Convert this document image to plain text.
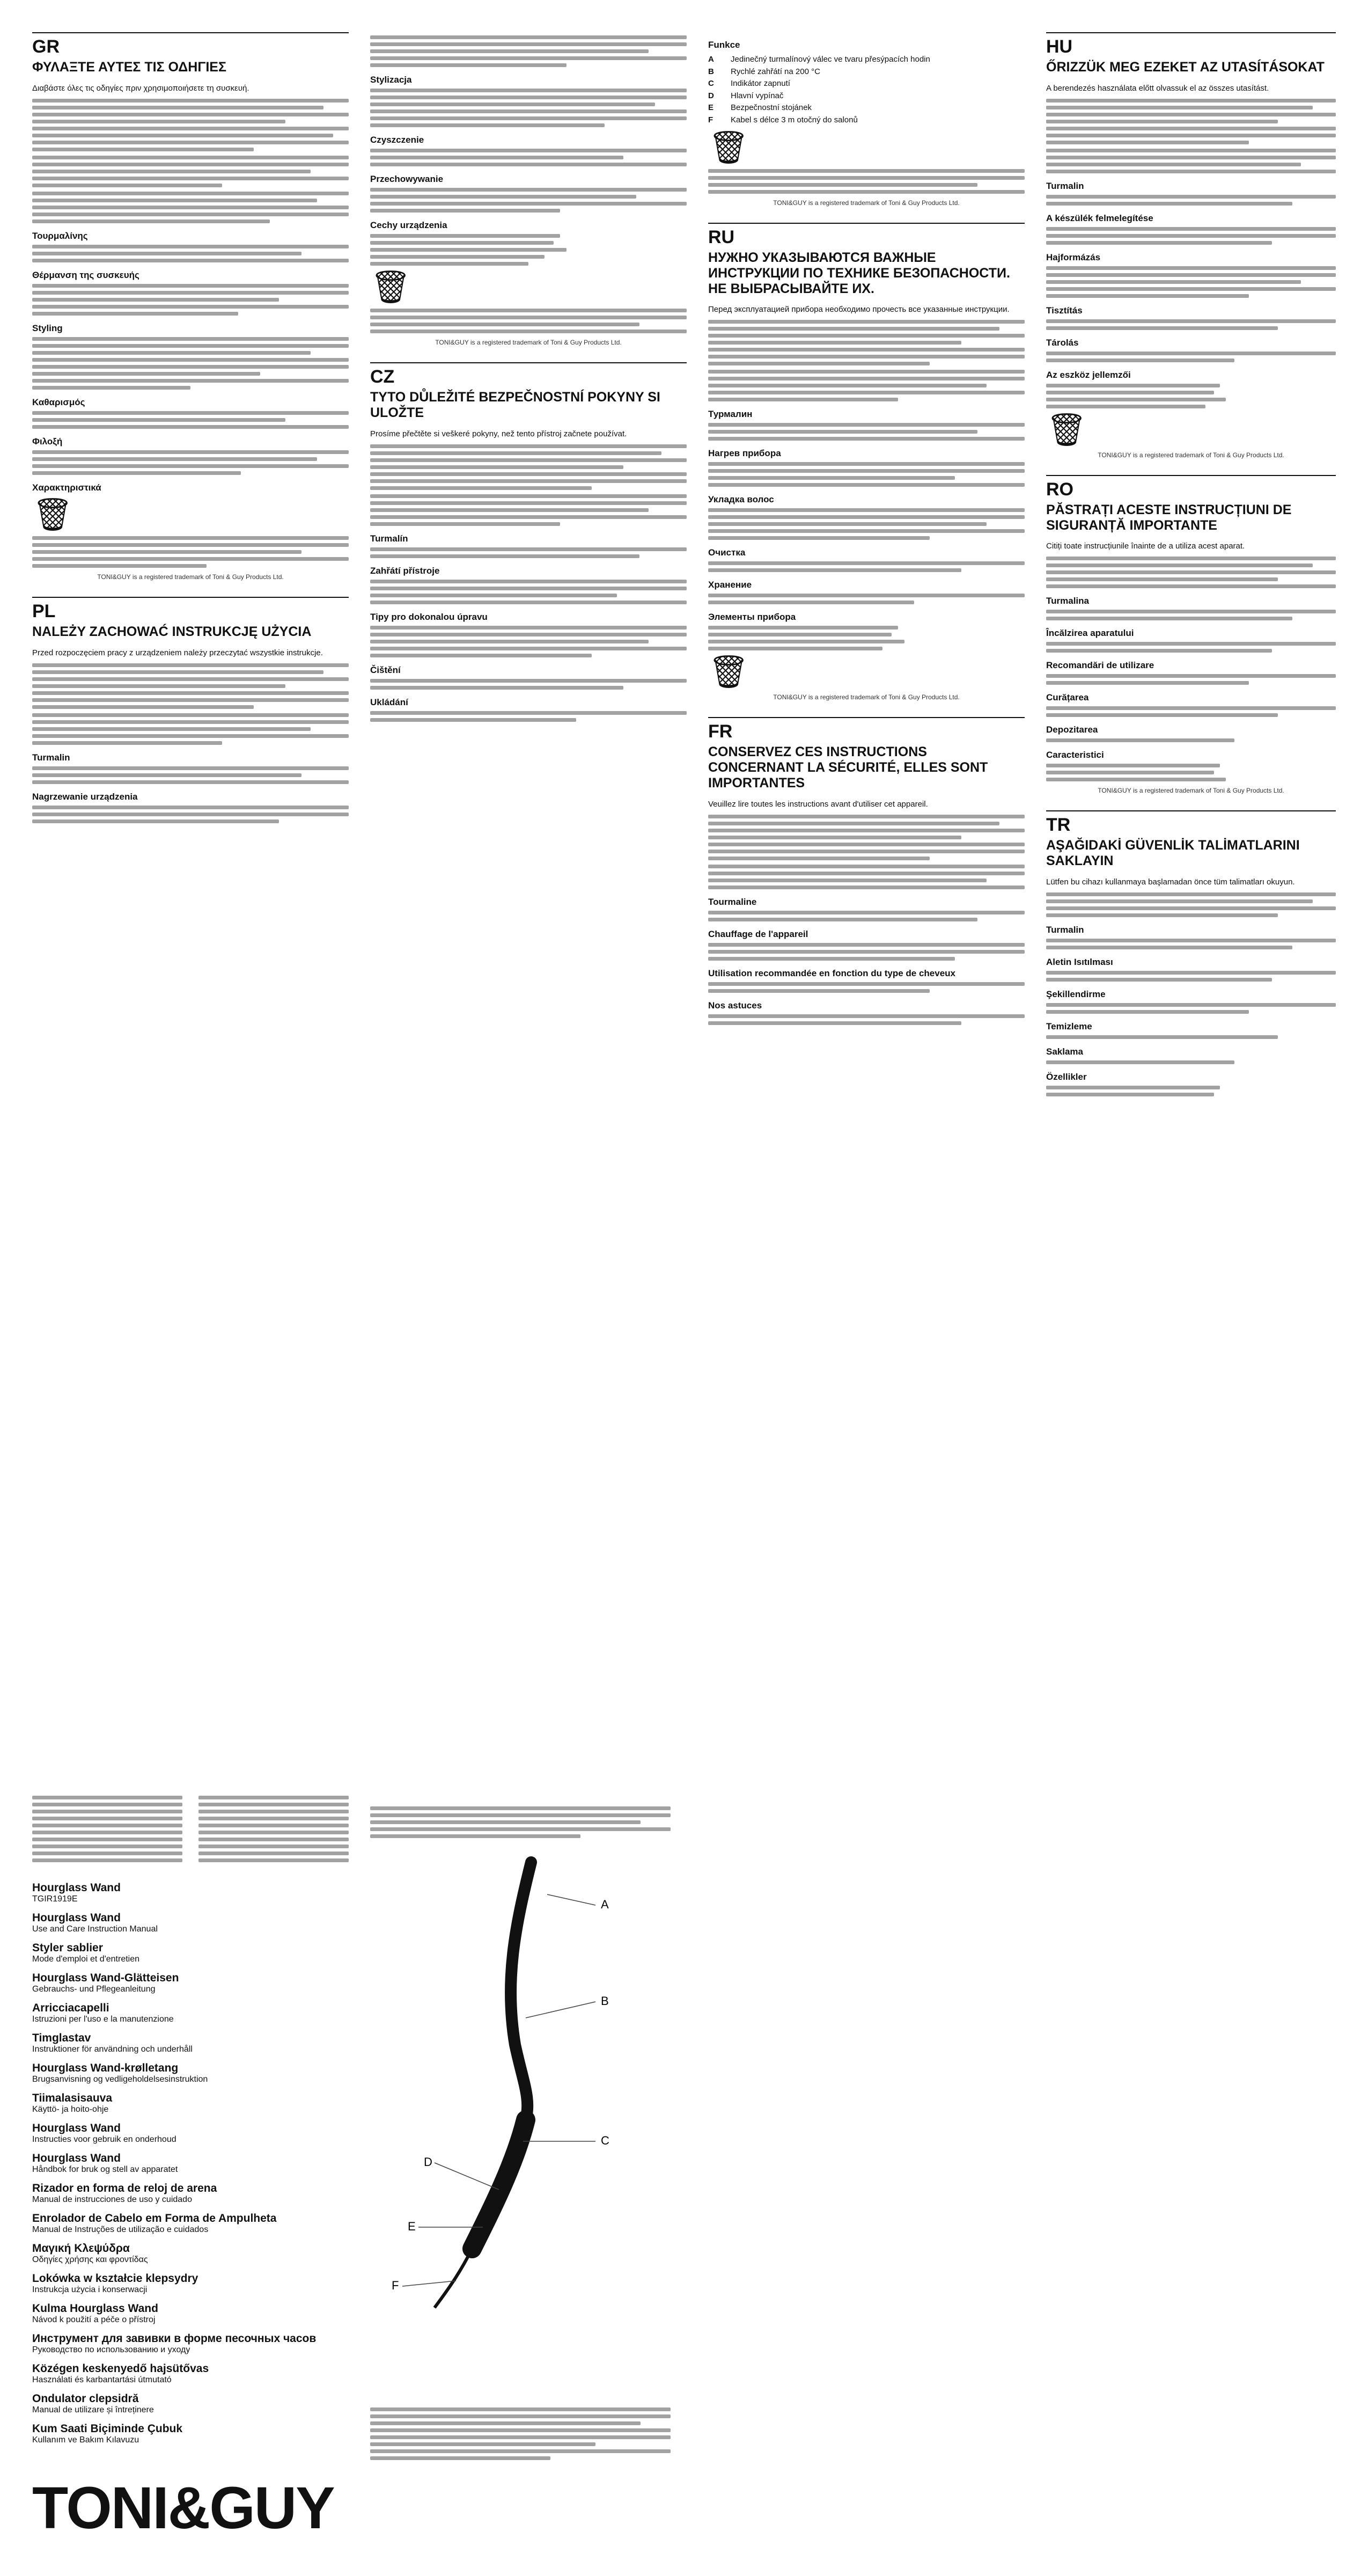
GR
ΦΥΛΑΞΤΕ ΑΥΤΕΣ ΤΙΣ ΟΔΗΓΙΕΣ

Διαβάστε όλες τις οδηγίες πριν χρησιμοποιήσετε τη συσκευή.

Τουρμαλίνης
Θέρμανση της συσκευής
Styling
Καθαρισμός
Φιλοξή
Χαρακτηριστικά
🗑
TONI&GUY is a registered trademark of Toni & Guy Products Ltd.
PL
NALEŻY ZACHOWAĆ INSTRUKCJĘ UŻYCIA

Przed rozpoczęciem pracy z urządzeniem należy przeczytać wszystkie instrukcje.

Turmalin
Nagrzewanie urządzenia
Stylizacja
Czyszczenie
Przechowywanie
Cechy urządzenia
🗑
TONI&GUY is a registered trademark of Toni & Guy Products Ltd.
CZ
TYTO DŮLEŽITÉ BEZPEČNOSTNÍ POKYNY SI ULOŽTE

Prosíme přečtěte si veškeré pokyny, než tento přístroj začnete používat.

Turmalín
Zahřátí přístroje
Tipy pro dokonalou úpravu
Čištění
Ukládání
Funkce
A	Jedinečný turmalínový válec ve tvaru přesýpacích hodin
B	Rychlé zahřátí na 200 °C
C	Indikátor zapnutí
D	Hlavní vypínač
E	Bezpečnostní stojánek
F	Kabel s délce 3 m otočný do salonů
🗑
TONI&GUY is a registered trademark of Toni & Guy Products Ltd.
RU
НУЖНО УКАЗЫВАЮТСЯ ВАЖНЫЕ ИНСТРУКЦИИ ПО ТЕХНИКЕ БЕЗОПАСНОСТИ. НЕ ВЫБРАСЫВАЙТЕ ИХ.

Перед эксплуатацией прибора необходимо прочесть все указанные инструкции.

Турмалин
Нагрев прибора
Укладка волос
Очистка
Хранение
Элементы прибора
🗑
TONI&GUY is a registered trademark of Toni & Guy Products Ltd.
FR
CONSERVEZ CES INSTRUCTIONS CONCERNANT LA SÉCURITÉ, ELLES SONT IMPORTANTES

Veuillez lire toutes les instructions avant d'utiliser cet appareil.

Tourmaline
Chauffage de l'appareil
Utilisation recommandée en fonction du type de cheveux
Nos astuces
HU
ŐRIZZÜK MEG EZEKET AZ UTASÍTÁSOKAT

A berendezés használata előtt olvassuk el az összes utasítást.

Turmalin
A készülék felmelegítése
Hajformázás
Tisztítás
Tárolás
Az eszköz jellemzői
🗑
TONI&GUY is a registered trademark of Toni & Guy Products Ltd.
RO
PĂSTRAȚI ACESTE INSTRUCȚIUNI DE SIGURANȚĂ IMPORTANTE

Citiți toate instrucțiunile înainte de a utiliza acest aparat.

Turmalina
Încălzirea aparatului
Recomandări de utilizare
Curățarea
Depozitarea
Caracteristici
TONI&GUY is a registered trademark of Toni & Guy Products Ltd.
TR
AŞAĞIDAKİ GÜVENLİK TALİMATLARINI SAKLAYIN

Lütfen bu cihazı kullanmaya başlamadan önce tüm talimatları okuyun.

Turmalin
Aletin Isıtılması
Şekillendirme
Temizleme
Saklama
Özellikler
Hourglass Wand
TGIR1919E
Hourglass Wand
Use and Care Instruction Manual
Styler sablier
Mode d'emploi et d'entretien
Hourglass Wand-Glätteisen
Gebrauchs- und Pflegeanleitung
Arricciacapelli
Istruzioni per l'uso e la manutenzione
Timglastav
Instruktioner för användning och underhåll
Hourglass Wand-krølletang
Brugsanvisning og vedligeholdelsesinstruktion
Tiimalasisauva
Käyttö- ja hoito-ohje
Hourglass Wand
Instructies voor gebruik en onderhoud
Hourglass Wand
Håndbok for bruk og stell av apparatet
Rizador en forma de reloj de arena
Manual de instrucciones de uso y cuidado
Enrolador de Cabelo em Forma de Ampulheta
Manual de Instruções de utilização e cuidados
Μαγική Κλεψύδρα
Οδηγίες χρήσης και φροντίδας
Lokówka w kształcie klepsydry
Instrukcja użycia i konserwacji
Kulma Hourglass Wand
Návod k použití a péče o přístroj
Инструмент для завивки в форме песочных часов
Руководство по использованию и уходу
Közégen keskenyedő hajsütővas
Használati és karbantartási útmutató
Ondulator clepsidră
Manual de utilizare și întreținere
Kum Saati Biçiminde Çubuk
Kullanım ve Bakım Kılavuzu
A
B
C
D
E
F
TONI&GUY
